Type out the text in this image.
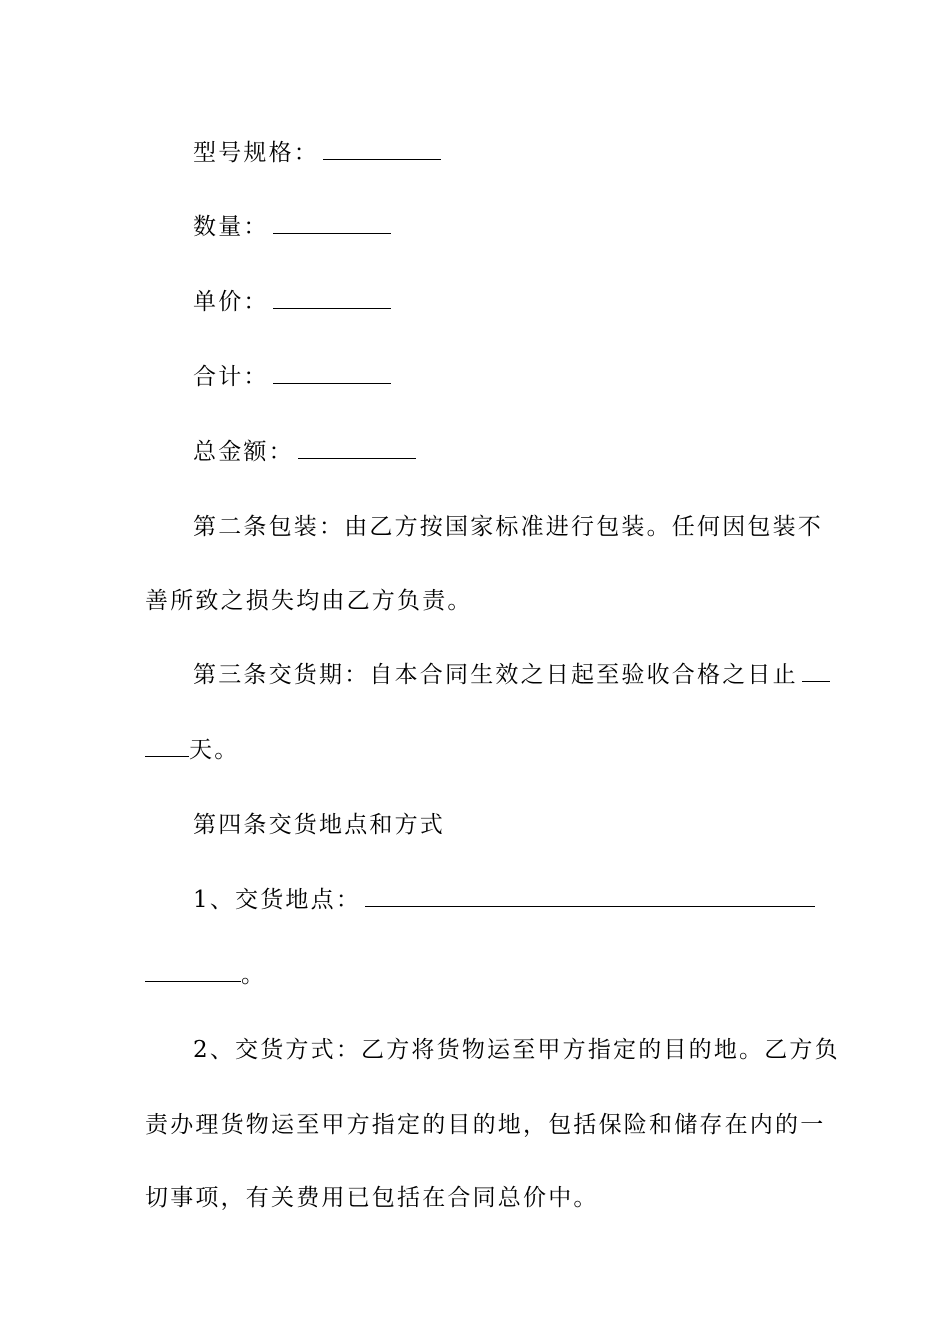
型号规格：
数量：
单价：
合计：
总金额：
第二条包装：由乙方按国家标准进行包装。任何因包装不
善所致之损失均由乙方负责。
第三条交货期：自本合同生效之日起至验收合格之日止
天。
第四条交货地点和方式
1、交货地点：
。
2、交货方式：乙方将货物运至甲方指定的目的地。乙方负
责办理货物运至甲方指定的目的地，包括保险和储存在内的一
切事项，有关费用已包括在合同总价中。
